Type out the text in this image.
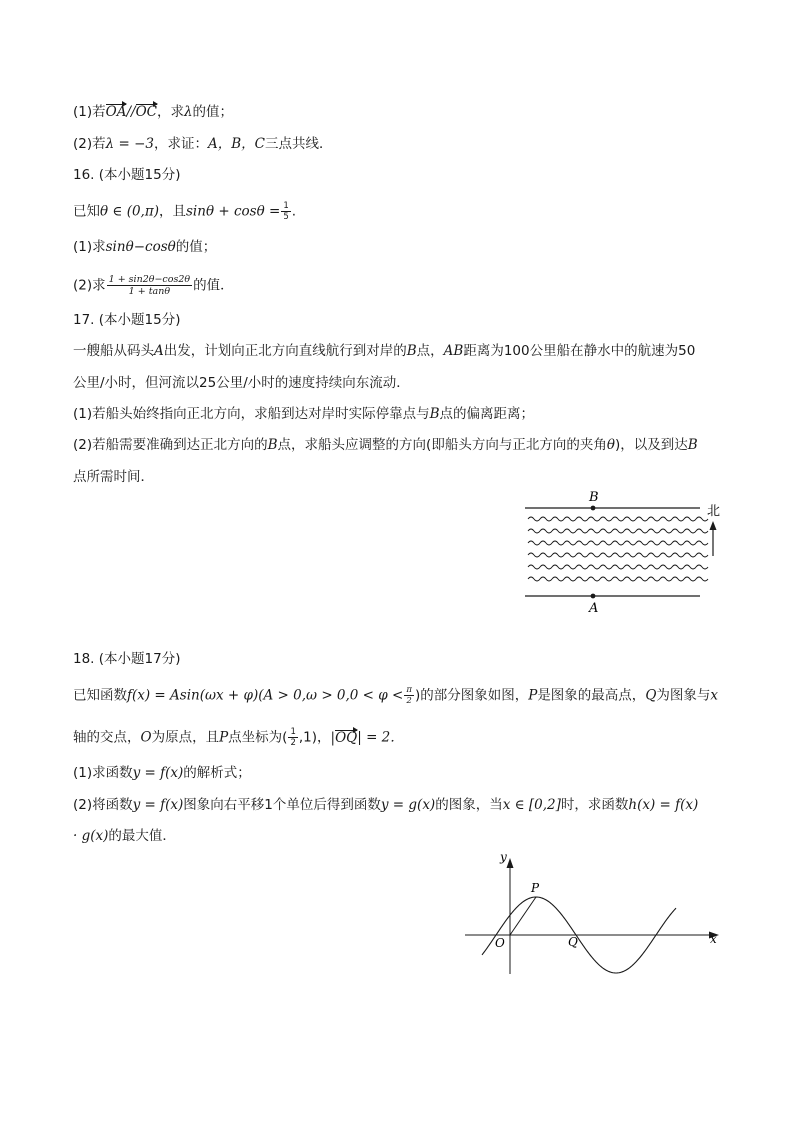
(1)若OA//OC，求λ的值；
(2)若λ = −3，求证：A，B，C三点共线．
16. (本小题15分)
已知θ ∈ (0,π)，且$\sin\theta + \cos\theta = \frac{1}{5}$ .
(1)求sinθ−cosθ的值；
(2)求 $\frac{1 + \sin 2\theta-\cos 2\theta}{1 + \tan\theta}$ 的值．
17. (本小题15分)
一艘船从码头A出发，计划向正北方向直线航行到对岸的B点，AB距离为100公里船在静水中的航速为50
公里/小时，但河流以25公里/小时的速度持续向东流动．
(1)若船头始终指向正北方向，求船到达对岸时实际停靠点与B点的偏离距离；
(2)若船需要准确到达正北方向的B点，求船头应调整的方向(即船头方向与正北方向的夹角θ)，以及到达B
点所需时间．
B
A
北
18. (本小题17分)
已知函数$f(x) = Asin(\omega x + \varphi)(A > 0,\omega > 0,0 < \varphi < \frac{\pi}{2}$ )的部分图象如图，P是图象的最高点，Q为图象与x
轴的交点，O为原点，且P点坐标为( $\frac{1}{2} ,1$)，|OQ| = 2．
(1)求函数y = f(x)的解析式；
(2)将函数y = f(x)图象向右平移1个单位后得到函数y = g(x)的图象，当x ∈ [0,2]时，求函数h(x) = f(x)
· g(x)的最大值．
y
x
P
O	Q
